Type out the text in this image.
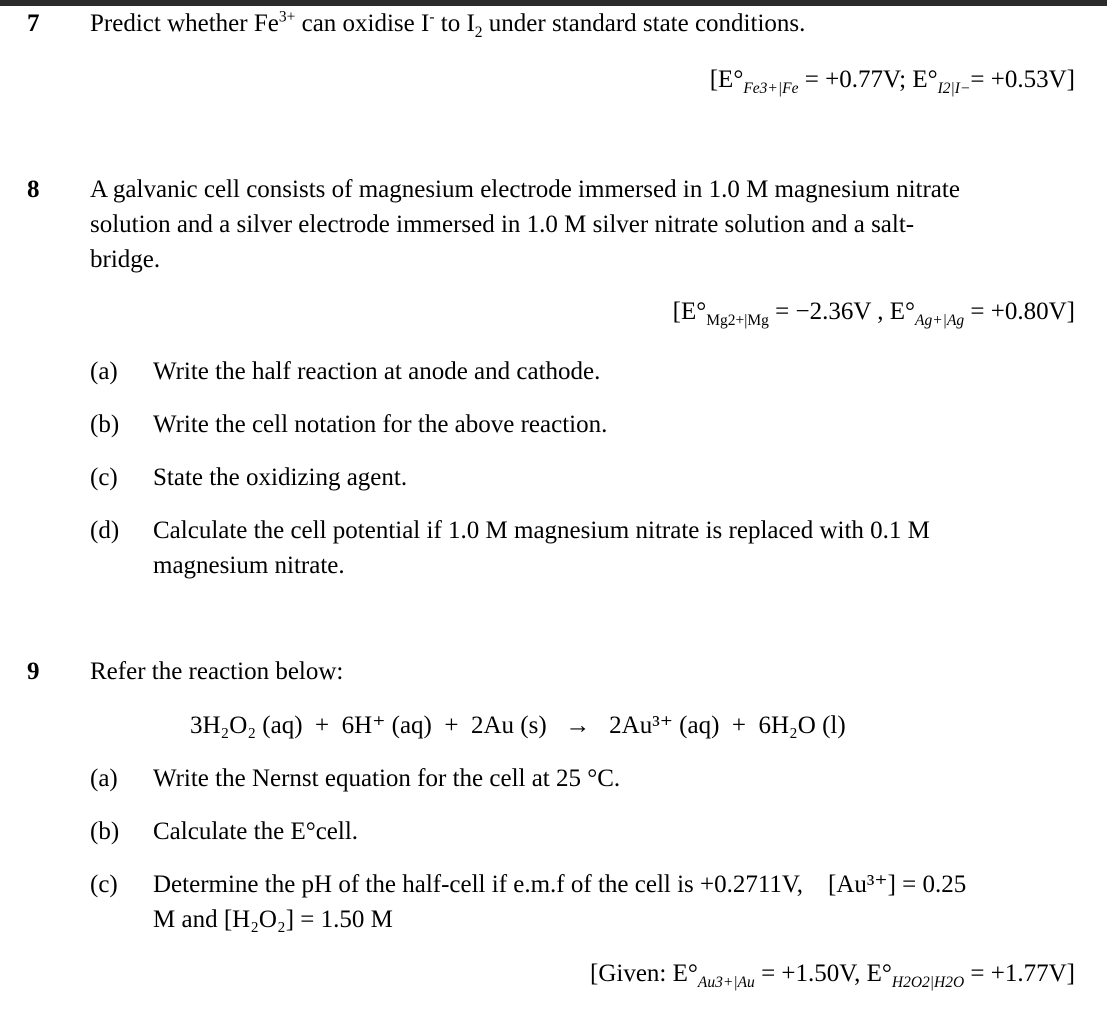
7 Predict whether $Fe^{3+}$ can oxidise I- to $I_2$ under standard state conditions.
[$E^\circ_{Fe3+|Fe} = +0.77V$; $E^\circ_{I2|I-}= +0.53V$]
8 A galvanic cell consists of magnesium electrode immersed in 1.0 M magnesium nitrate
solution and a silver electrode immersed in 1.0 M silver nitrate solution and a salt-
bridge.
[$E^\circ_{Mg2+|Mg} = -2.36V$ , $E^\circ_{Ag+|Ag} = +0.80V$]
(a) Write the half reaction at anode and cathode.
(b) Write the cell notation for the above reaction.
(c) State the oxidizing agent.
(d) Calculate the cell potential if 1.0 M magnesium nitrate is replaced with 0.1 M
magnesium nitrate.
9 Refer the reaction below:
3H₂O₂ (aq)  +  6H⁺ (aq)  +  2Au (s)   →   2Au³⁺ (aq)  +  6H₂O (l)
(a) Write the Nernst equation for the cell at 25 °C.
(b) Calculate the E°cell.
(c) Determine the pH of the half-cell if e.m.f of the cell is +0.2711V,    [Au³⁺] = 0.25
M and [H₂O₂] = 1.50 M
[Given: $E^\circ_{Au3+|Au} = +1.50V$, $E^\circ_{H2O2|H2O} = +1.77V$]
